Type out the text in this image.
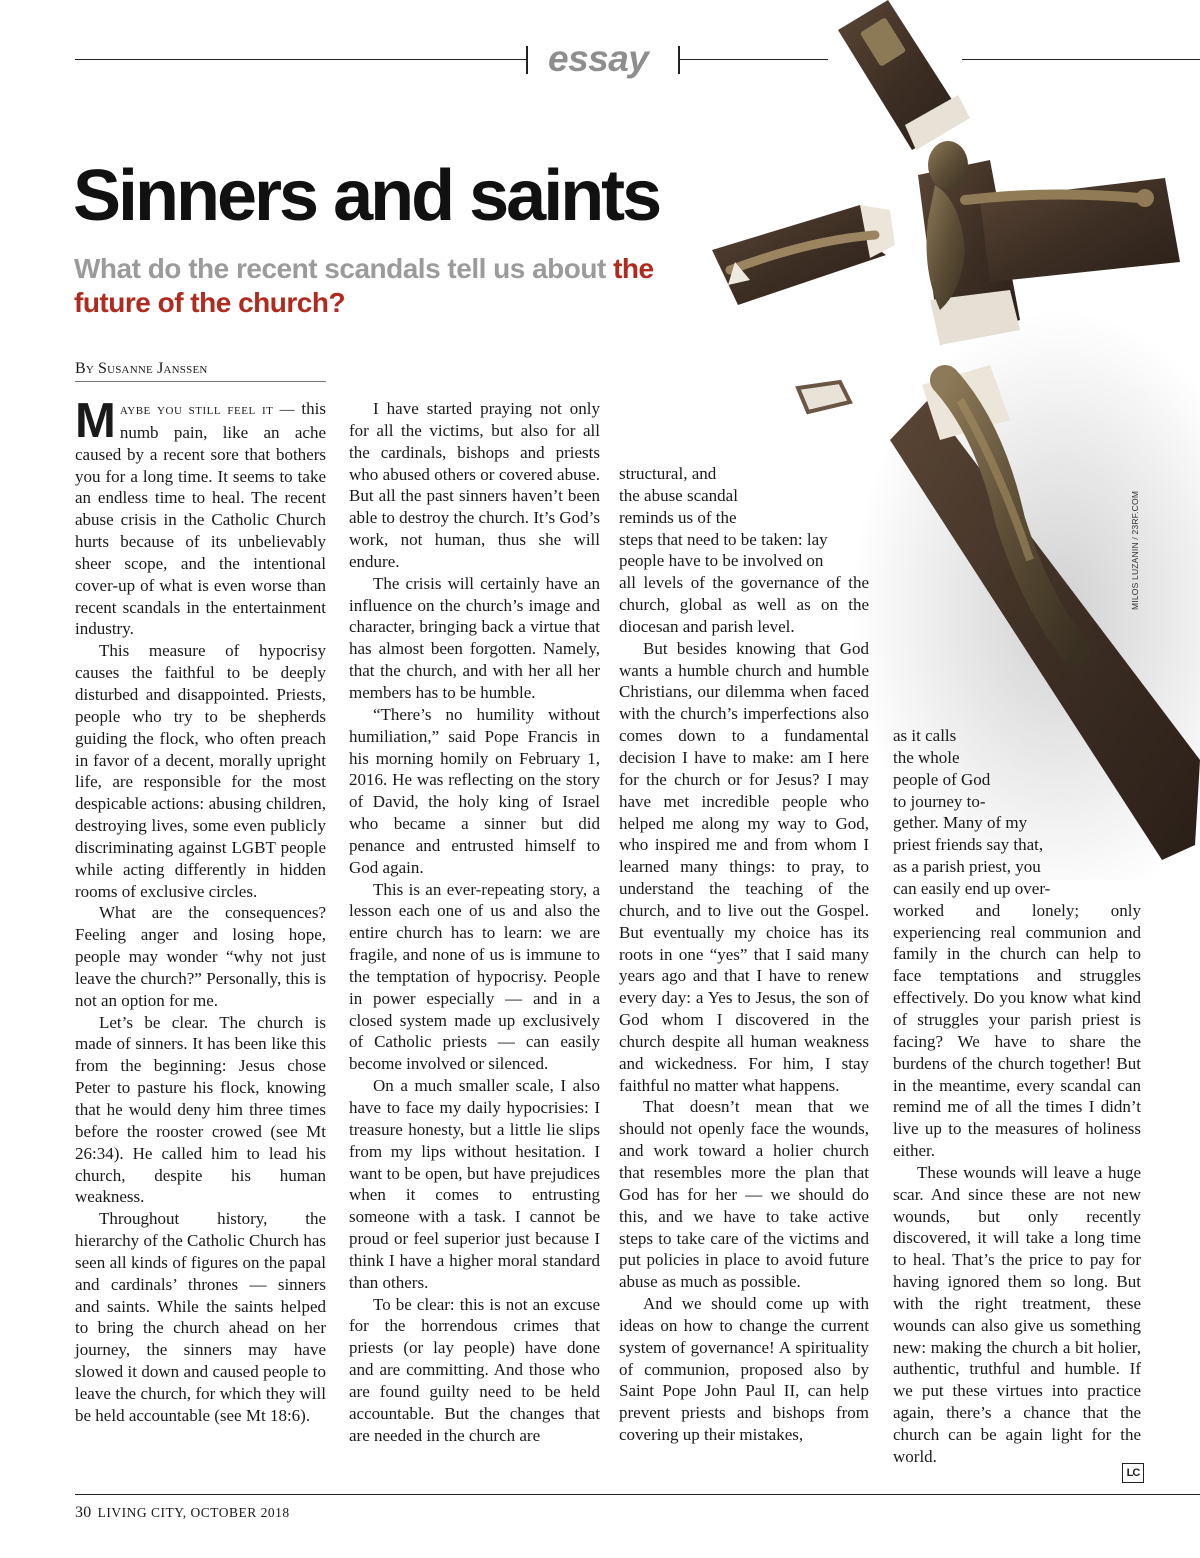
essay
MILOS LUZANIN / 23RF.COM
Sinners and saints

What do the recent scandals tell us about the future of the church?

By Susanne Janssen

Maybe you still feel it — this numb pain, like an ache caused by a recent sore that bothers you for a long time. It seems to take an endless time to heal. The recent abuse crisis in the Catholic Church hurts because of its unbelievably sheer scope, and the intentional cover-up of what is even worse than recent scandals in the entertainment industry.

This measure of hypocrisy causes the faithful to be deeply disturbed and disappointed. Priests, people who try to be shepherds guiding the flock, who often preach in favor of a decent, morally upright life, are responsible for the most despicable actions: abusing children, destroying lives, some even publicly discriminating against LGBT people while acting differently in hidden rooms of exclusive circles.

What are the consequences? Feeling anger and losing hope, people may wonder “why not just leave the church?” Personally, this is not an option for me.

Let’s be clear. The church is made of sinners. It has been like this from the beginning: Jesus chose Peter to pasture his flock, knowing that he would deny him three times before the rooster crowed (see Mt 26:34). He called him to lead his church, despite his human weakness.

Throughout history, the hierarchy of the Catholic Church has seen all kinds of figures on the papal and cardinals’ thrones — sinners and saints. While the saints helped to bring the church ahead on her journey, the sinners may have slowed it down and caused people to leave the church, for which they will be held accountable (see Mt 18:6).

I have started praying not only for all the victims, but also for all the cardinals, bishops and priests who abused others or covered abuse. But all the past sinners haven’t been able to destroy the church. It’s God’s work, not human, thus she will endure.

The crisis will certainly have an influence on the church’s image and character, bringing back a virtue that has almost been forgotten. Namely, that the church, and with her all her members has to be humble.

“There’s no humility without humiliation,” said Pope Francis in his morning homily on February 1, 2016. He was reflecting on the story of David, the holy king of Israel who became a sinner but did penance and entrusted himself to God again.

This is an ever-repeating story, a lesson each one of us and also the entire church has to learn: we are fragile, and none of us is immune to the temptation of hypocrisy. People in power especially — and in a closed system made up exclusively of Catholic priests — can easily become involved or silenced.

On a much smaller scale, I also have to face my daily hypocrisies: I treasure honesty, but a little lie slips from my lips without hesitation. I want to be open, but have prejudices when it comes to entrusting someone with a task. I cannot be proud or feel superior just because I think I have a higher moral standard than others.

To be clear: this is not an excuse for the horrendous crimes that priests (or lay people) have done and are committing. And those who are found guilty need to be held accountable. But the changes that are needed in the church are

structural, and
the abuse scandal
reminds us of the
steps that need to be taken: lay
people have to be involved on

all levels of the governance of the church, global as well as on the diocesan and parish level.

But besides knowing that God wants a humble church and humble Christians, our dilemma when faced with the church’s imperfections also comes down to a fundamental decision I have to make: am I here for the church or for Jesus? I may have met incredible people who helped me along my way to God, who inspired me and from whom I learned many things: to pray, to understand the teaching of the church, and to live out the Gospel. But eventually my choice has its roots in one “yes” that I said many years ago and that I have to renew every day: a Yes to Jesus, the son of God whom I discovered in the church despite all human weakness and wickedness. For him, I stay faithful no matter what happens.

That doesn’t mean that we should not openly face the wounds, and work toward a holier church that resembles more the plan that God has for her — we should do this, and we have to take active steps to take care of the victims and put policies in place to avoid future abuse as much as possible.

And we should come up with ideas on how to change the current system of governance! A spirituality of communion, proposed also by Saint Pope John Paul II, can help prevent priests and bishops from covering up their mistakes,

as it calls
the whole
people of God
to journey to-
gether. Many of my
priest friends say that,
as a parish priest, you
can easily end up over-

worked and lonely; only experiencing real communion and family in the church can help to face temptations and struggles effectively. Do you know what kind of struggles your parish priest is facing? We have to share the burdens of the church together! But in the meantime, every scandal can remind me of all the times I didn’t live up to the measures of holiness either.

These wounds will leave a huge scar. And since these are not new wounds, but only recently discovered, it will take a long time to heal. That’s the price to pay for having ignored them so long. But with the right treatment, these wounds can also give us something new: making the church a bit holier, authentic, truthful and humble. If we put these virtues into practice again, there’s a chance that the church can be again light for the world.

LC
30 LIVING CITY, OCTOBER 2018
